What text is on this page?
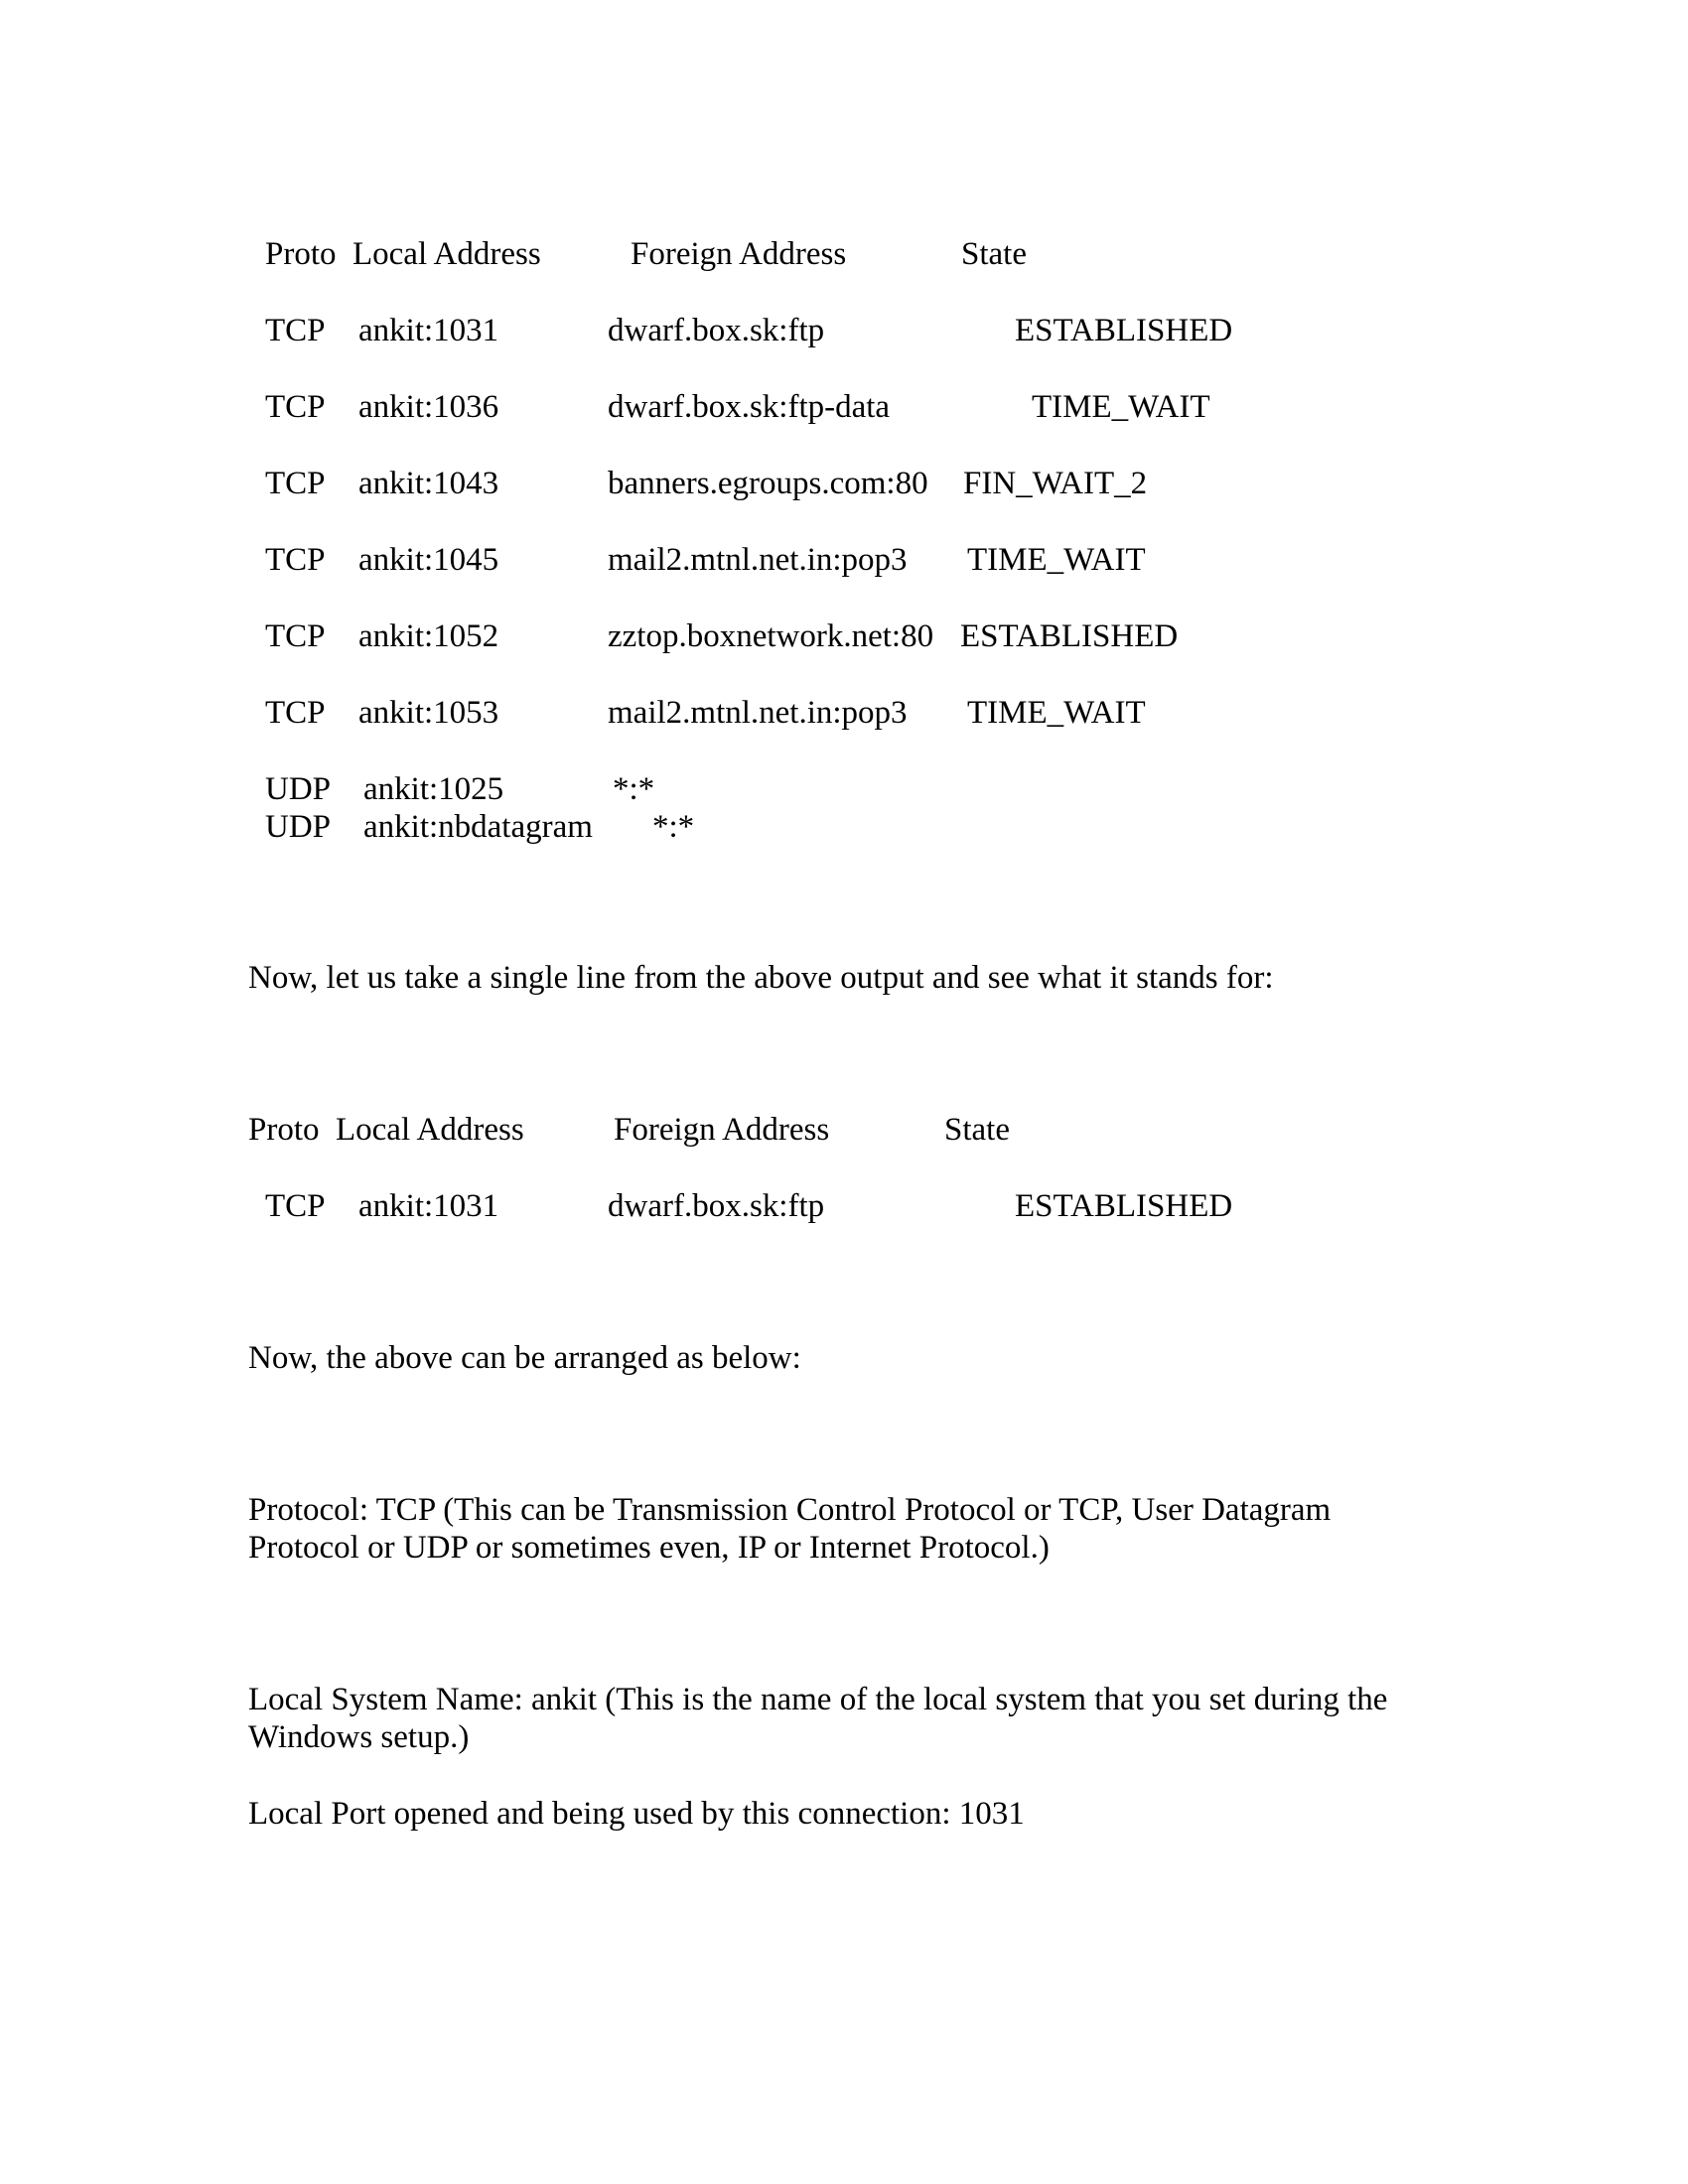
Proto Local Address	Foreign Address	State
TCP ankit:1031	dwarf.box.sk:ftp	ESTABLISHED
TCP ankit:1036	dwarf.box.sk:ftp-data	TIME_WAIT
TCP ankit:1043	banners.egroups.com:80 FIN_WAIT_2
TCP ankit:1045	mail2.mtnl.net.in:pop3 TIME_WAIT
TCP ankit:1052	zztop.boxnetwork.net:80 ESTABLISHED
TCP ankit:1053	mail2.mtnl.net.in:pop3 TIME_WAIT
UDP ankit:1025	*:*
UDP ankit:nbdatagram *:*

Now, let us take a single line from the above output and see what it stands for:

Proto Local Address	Foreign Address	State
TCP ankit:1031	dwarf.box.sk:ftp	ESTABLISHED

Now, the above can be arranged as below:

Protocol: TCP (This can be Transmission Control Protocol or TCP, User Datagram
Protocol or UDP or sometimes even, IP or Internet Protocol.)
Local System Name: ankit (This is the name of the local system that you set during the
Windows setup.)

Local Port opened and being used by this connection: 1031
